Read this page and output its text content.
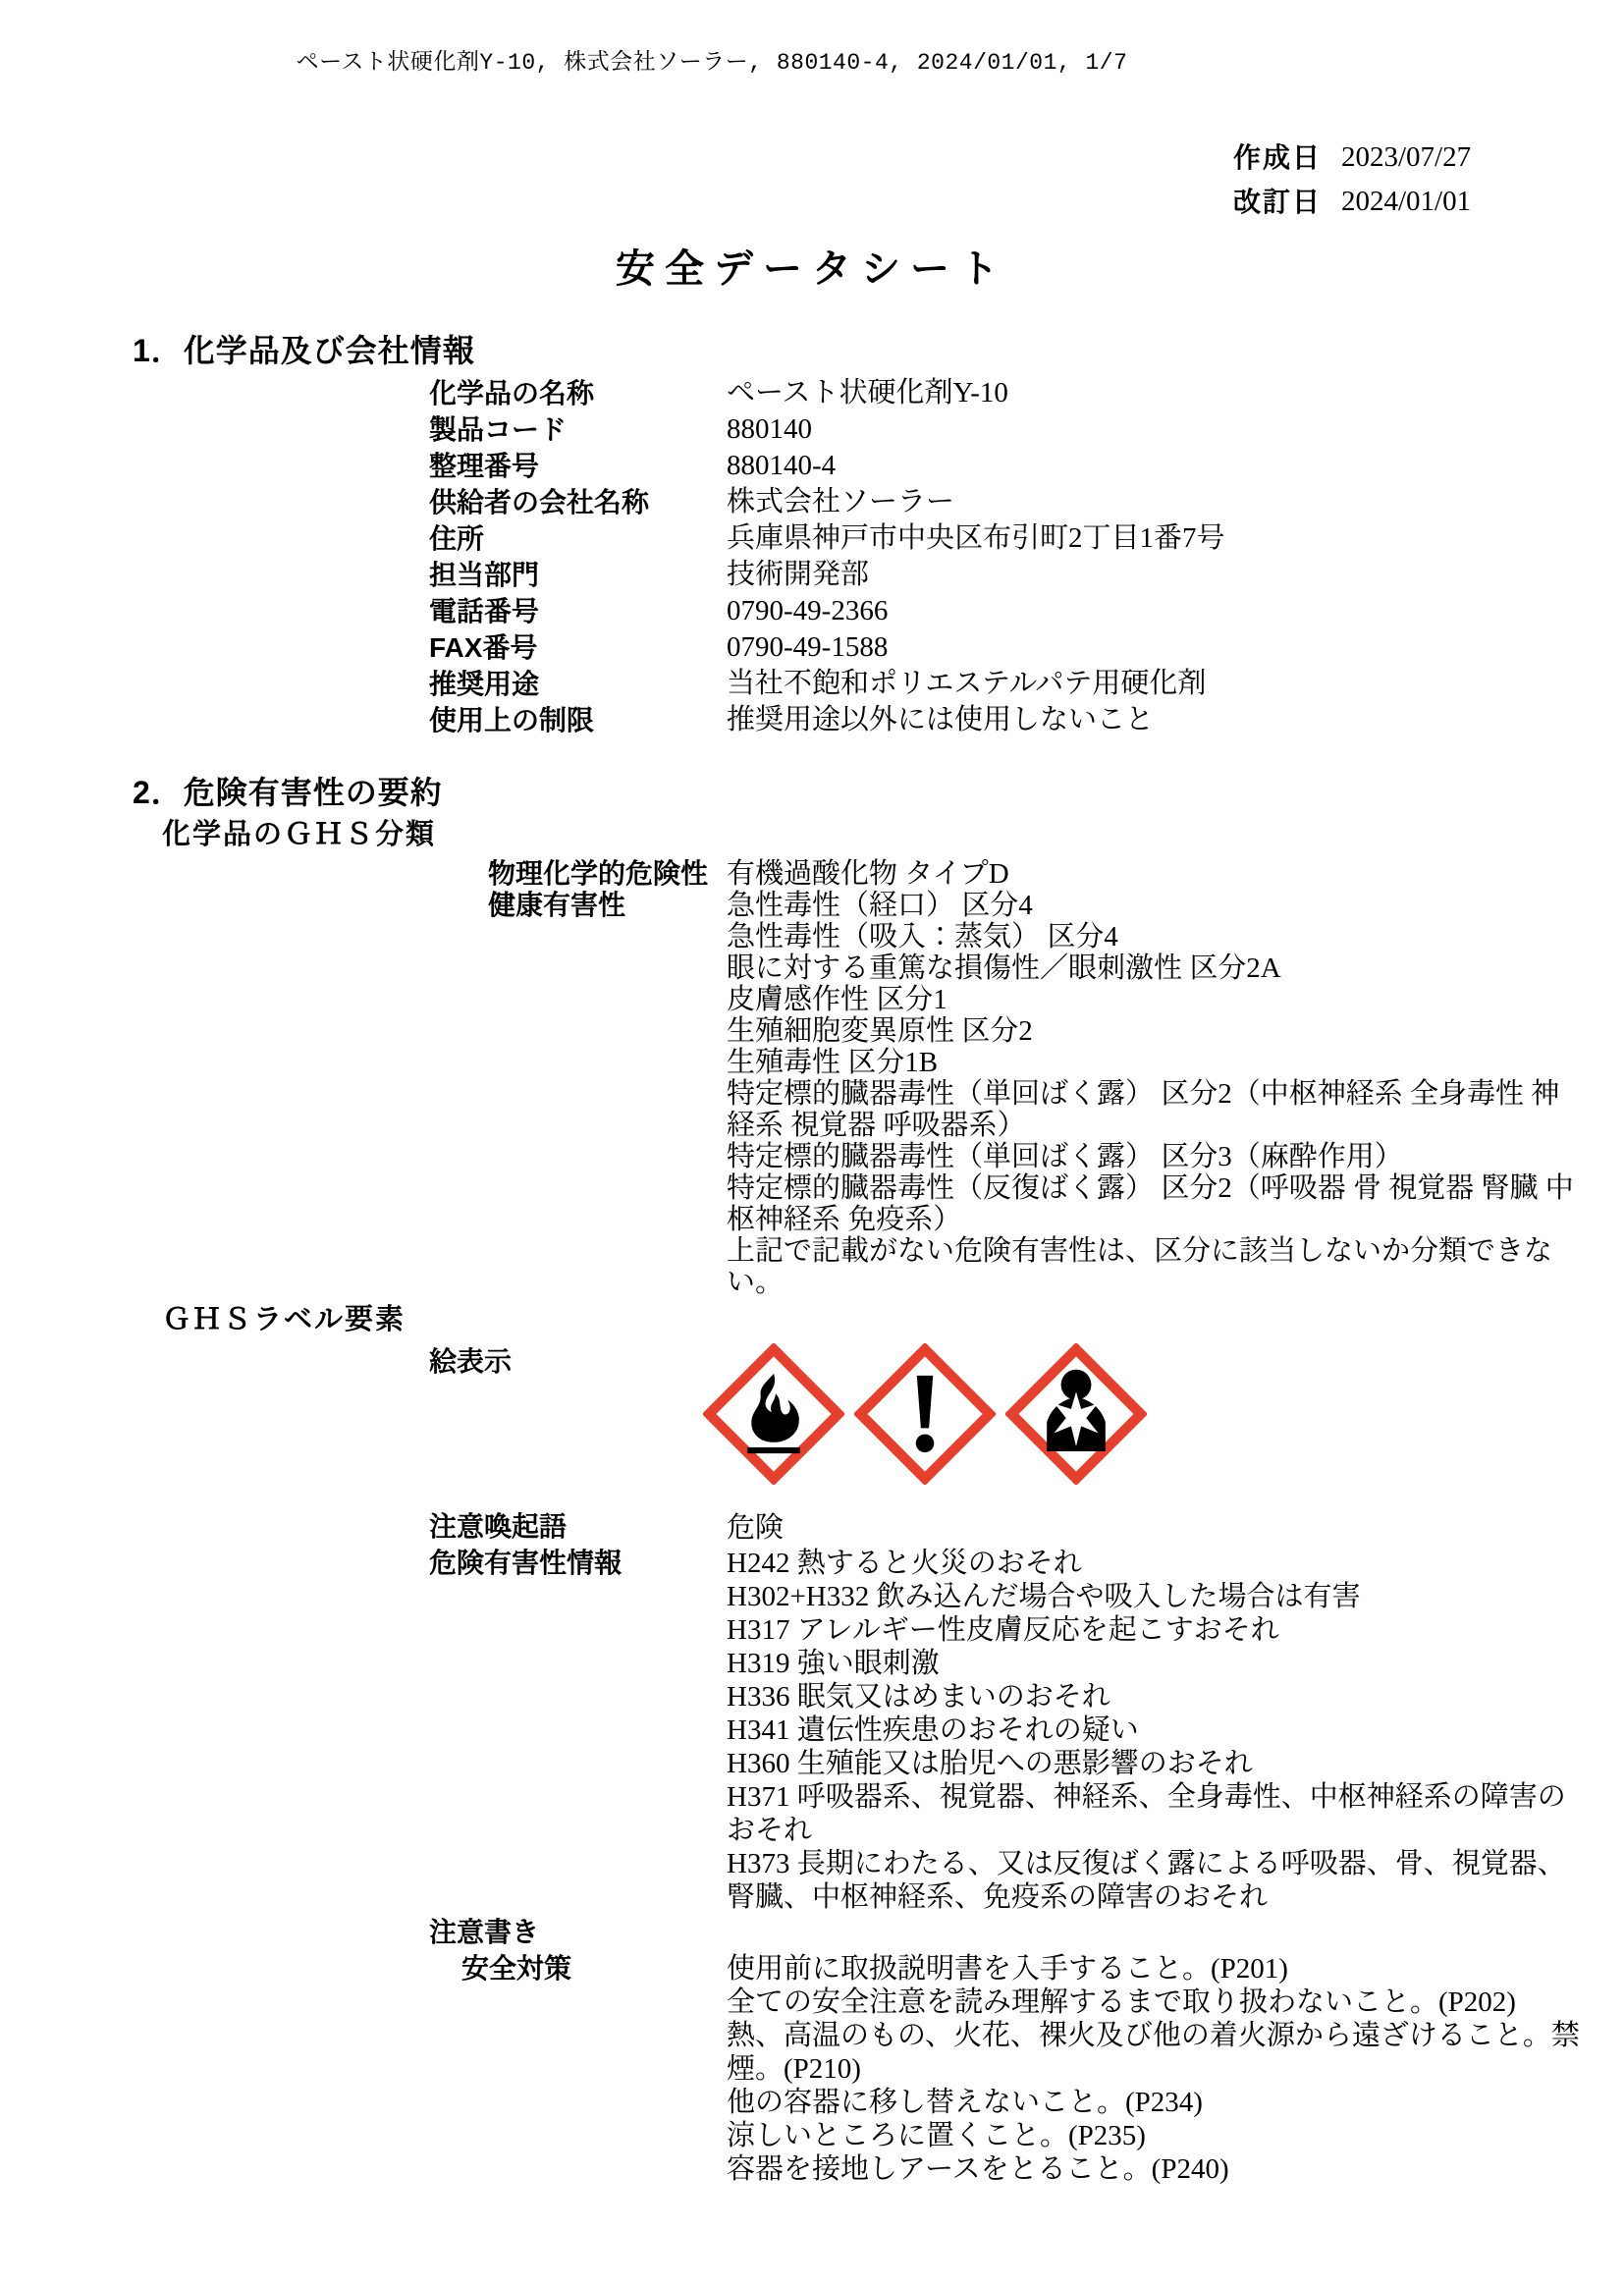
ペースト状硬化剤Y-10, 株式会社ソーラー, 880140-4, 2024/01/01, 1/7
作成日 2023/07/27
改訂日 2024/01/01
安全データシート
1．化学品及び会社情報
化学品の名称	ペースト状硬化剤Y-10
製品コード	880140
整理番号	880140-4
供給者の会社名称	株式会社ソーラー
住所	兵庫県神戸市中央区布引町2丁目1番7号
担当部門	技術開発部
電話番号	0790-49-2366
FAX番号	0790-49-1588
推奨用途	当社不飽和ポリエステルパテ用硬化剤
使用上の制限	推奨用途以外には使用しないこと
2．危険有害性の要約
化学品のＧＨＳ分類
物理化学的危険性 有機過酸化物 タイプD
健康有害性	急性毒性（経口） 区分4
急性毒性（吸入：蒸気） 区分4
眼に対する重篤な損傷性／眼刺激性 区分2A
皮膚感作性 区分1
生殖細胞変異原性 区分2
生殖毒性 区分1B
特定標的臓器毒性（単回ばく露） 区分2（中枢神経系 全身毒性 神経系 視覚器 呼吸器系）
特定標的臓器毒性（単回ばく露） 区分3（麻酔作用）
特定標的臓器毒性（反復ばく露） 区分2（呼吸器 骨 視覚器 腎臓 中枢神経系 免疫系）
上記で記載がない危険有害性は、区分に該当しないか分類できない。
ＧＨＳラベル要素
絵表示
注意喚起語	危険
危険有害性情報	H242 熱すると火災のおそれ
H302+H332 飲み込んだ場合や吸入した場合は有害
H317 アレルギー性皮膚反応を起こすおそれ
H319 強い眼刺激
H336 眠気又はめまいのおそれ
H341 遺伝性疾患のおそれの疑い
H360 生殖能又は胎児への悪影響のおそれ
H371 呼吸器系、視覚器、神経系、全身毒性、中枢神経系の障害のおそれ
H373 長期にわたる、又は反復ばく露による呼吸器、骨、視覚器、腎臓、中枢神経系、免疫系の障害のおそれ
注意書き
安全対策	使用前に取扱説明書を入手すること。(P201)
全ての安全注意を読み理解するまで取り扱わないこと。(P202)
熱、高温のもの、火花、裸火及び他の着火源から遠ざけること。禁煙。(P210)
他の容器に移し替えないこと。(P234)
涼しいところに置くこと。(P235)
容器を接地しアースをとること。(P240)
